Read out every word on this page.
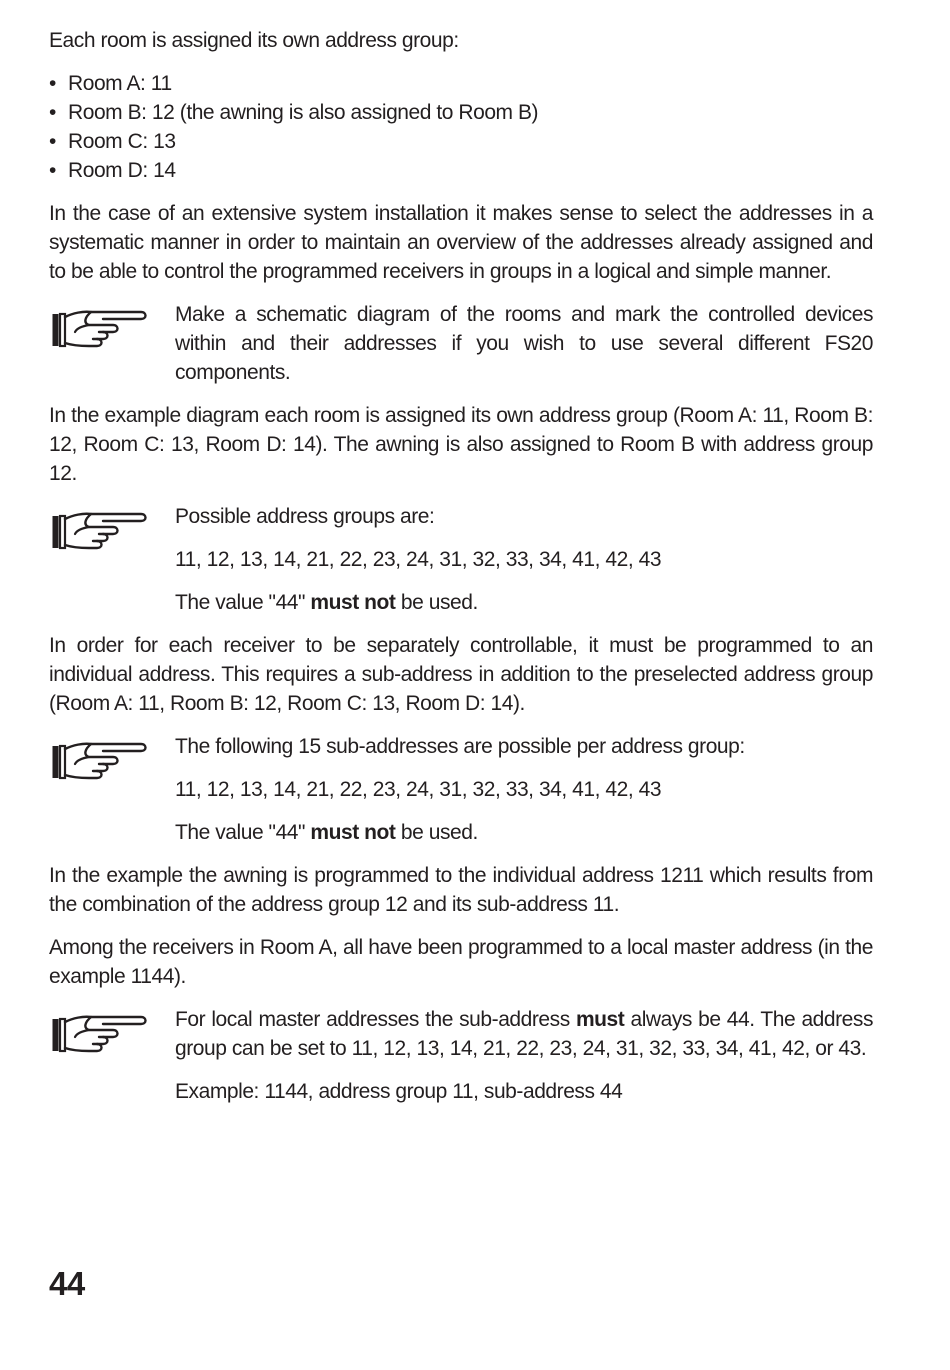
Each room is assigned its own address group:

• Room A: 11
• Room B: 12 (the awning is also assigned to Room B)
• Room C: 13
• Room D: 14

In the case of an extensive system installation it makes sense to select the addresses in a systematic manner in order to maintain an overview of the addresses already assigned and to be able to control the programmed receivers in groups in a logical and simple manner.

Make a schematic diagram of the rooms and mark the controlled devices within and their addresses if you wish to use several different FS20 components.

In the example diagram each room is assigned its own address group (Room A: 11, Room B: 12, Room C: 13, Room D: 14). The awning is also assigned to Room B with address group 12.

Possible address groups are:

11, 12, 13, 14, 21, 22, 23, 24, 31, 32, 33, 34, 41, 42, 43

The value "44" must not be used.

In order for each receiver to be separately controllable, it must be programmed to an individual address. This requires a sub-address in addition to the preselected address group (Room A: 11, Room B: 12, Room C: 13, Room D: 14).

The following 15 sub-addresses are possible per address group:

11, 12, 13, 14, 21, 22, 23, 24, 31, 32, 33, 34, 41, 42, 43

The value "44" must not be used.

In the example the awning is programmed to the individual address 1211 which results from the combination of the address group 12 and its sub-address 11.

Among the receivers in Room A, all have been programmed to a local master address (in the example 1144).

For local master addresses the sub-address must always be 44. The address group can be set to 11, 12, 13, 14, 21, 22, 23, 24, 31, 32, 33, 34, 41, 42, or 43.

Example: 1144, address group 11, sub-address 44

44
